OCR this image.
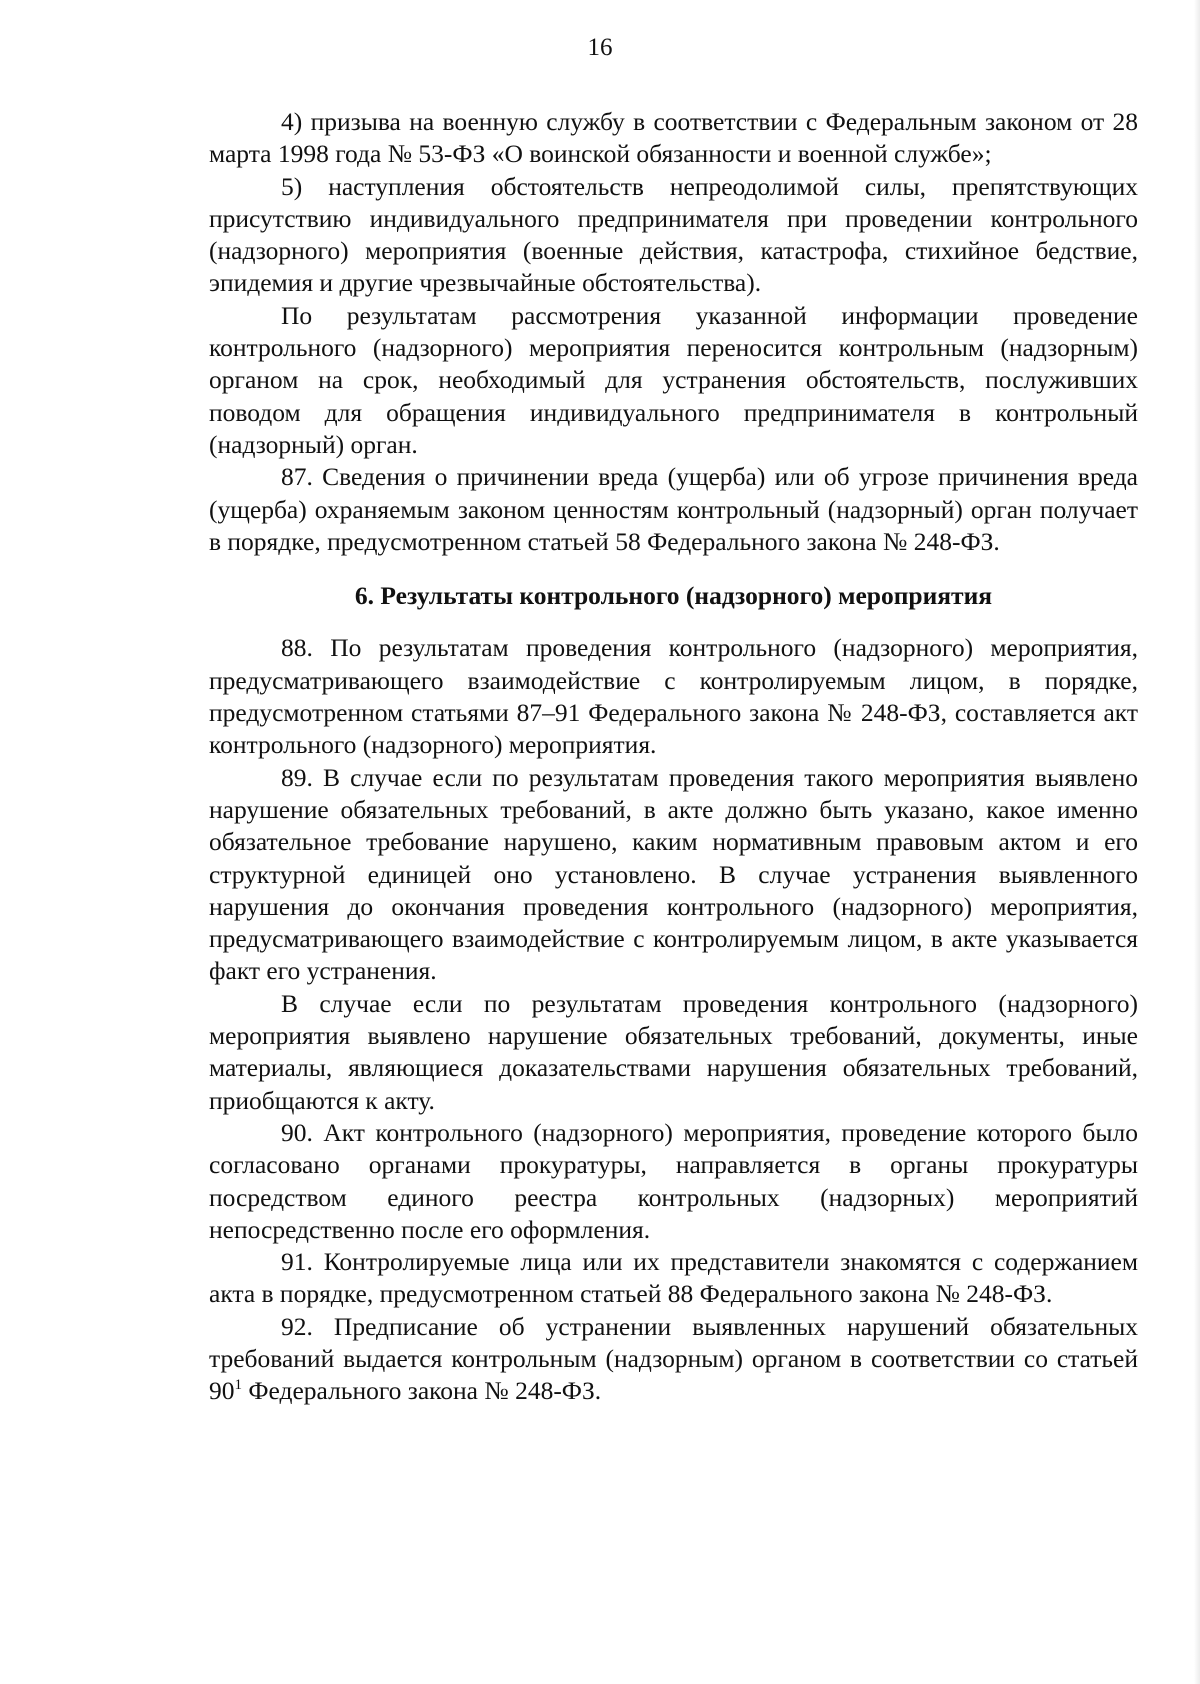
16

4) призыва на военную службу в соответствии с Федеральным законом от 28 марта 1998 года № 53-ФЗ «О воинской обязанности и военной службе»;

5) наступления обстоятельств непреодолимой силы, препятствующих присутствию индивидуального предпринимателя при проведении контрольного (надзорного) мероприятия (военные действия, катастрофа, стихийное бедствие, эпидемия и другие чрезвычайные обстоятельства).

По результатам рассмотрения указанной информации проведение контрольного (надзорного) мероприятия переносится контрольным (надзорным) органом на срок, необходимый для устранения обстоятельств, послуживших поводом для обращения индивидуального предпринимателя в контрольный (надзорный) орган.

87. Сведения о причинении вреда (ущерба) или об угрозе причинения вреда (ущерба) охраняемым законом ценностям контрольный (надзорный) орган получает в порядке, предусмотренном статьей 58 Федерального закона № 248-ФЗ.

6. Результаты контрольного (надзорного) мероприятия

88. По результатам проведения контрольного (надзорного) мероприятия, предусматривающего взаимодействие с контролируемым лицом, в порядке, предусмотренном статьями 87–91 Федерального закона № 248-ФЗ, составляется акт контрольного (надзорного) мероприятия.

89. В случае если по результатам проведения такого мероприятия выявлено нарушение обязательных требований, в акте должно быть указано, какое именно обязательное требование нарушено, каким нормативным правовым актом и его структурной единицей оно установлено. В случае устранения выявленного нарушения до окончания проведения контрольного (надзорного) мероприятия, предусматривающего взаимодействие с контролируемым лицом, в акте указывается факт его устранения.

В случае если по результатам проведения контрольного (надзорного) мероприятия выявлено нарушение обязательных требований, документы, иные материалы, являющиеся доказательствами нарушения обязательных требований, приобщаются к акту.

90. Акт контрольного (надзорного) мероприятия, проведение которого было согласовано органами прокуратуры, направляется в органы прокуратуры посредством единого реестра контрольных (надзорных) мероприятий непосредственно после его оформления.

91. Контролируемые лица или их представители знакомятся с содержанием акта в порядке, предусмотренном статьей 88 Федерального закона № 248-ФЗ.

92. Предписание об устранении выявленных нарушений обязательных требований выдается контрольным (надзорным) органом в соответствии со статьей $90^1$ Федерального закона № 248-ФЗ.
